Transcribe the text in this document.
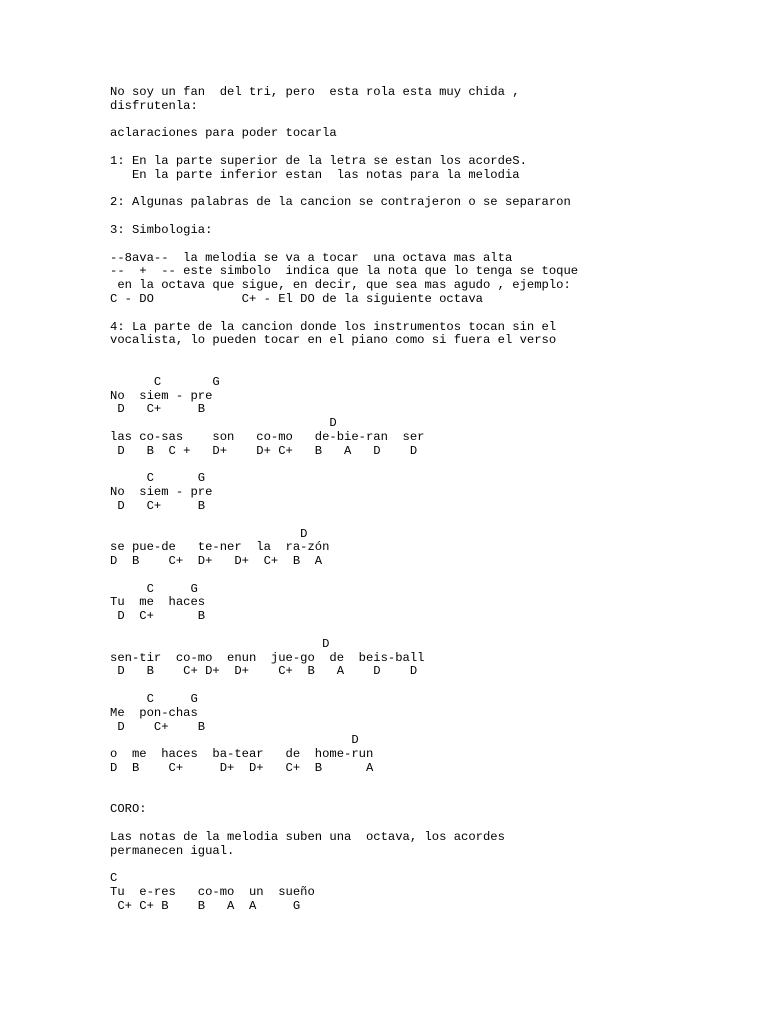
No soy un fan  del tri, pero  esta rola esta muy chida ,
disfrutenla:
aclaraciones para poder tocarla
1: En la parte superior de la letra se estan los acordeS.
En la parte inferior estan  las notas para la melodia
2: Algunas palabras de la cancion se contrajeron o se separaron
3: Simbologia:
--8ava--  la melodia se va a tocar  una octava mas alta
--  +  -- este simbolo  indica que la nota que lo tenga se toque
en la octava que sigue, en decir, que sea mas agudo , ejemplo:
C - DO            C+ - El DO de la siguiente octava
4: La parte de la cancion donde los instrumentos tocan sin el
vocalista, lo pueden tocar en el piano como si fuera el verso
C       G
No  siem - pre
D   C+     B
D
las co-sas    son   co-mo   de-bie-ran  ser
D   B  C +   D+    D+ C+   B   A   D    D
C      G
No  siem - pre
D   C+     B
D
se pue-de   te-ner  la  ra-zón
D  B    C+  D+   D+  C+  B  A
C     G
Tu  me  haces
D  C+      B
D
sen-tir  co-mo  enun  jue-go  de  beis-ball
D   B    C+ D+  D+    C+  B   A    D    D
C     G
Me  pon-chas
D    C+    B
D
o  me  haces  ba-tear   de  home-run
D  B    C+     D+  D+   C+  B      A
CORO:
Las notas de la melodia suben una  octava, los acordes
permanecen igual.
C
Tu  e-res   co-mo  un  sueño
C+ C+ B    B   A  A     G
